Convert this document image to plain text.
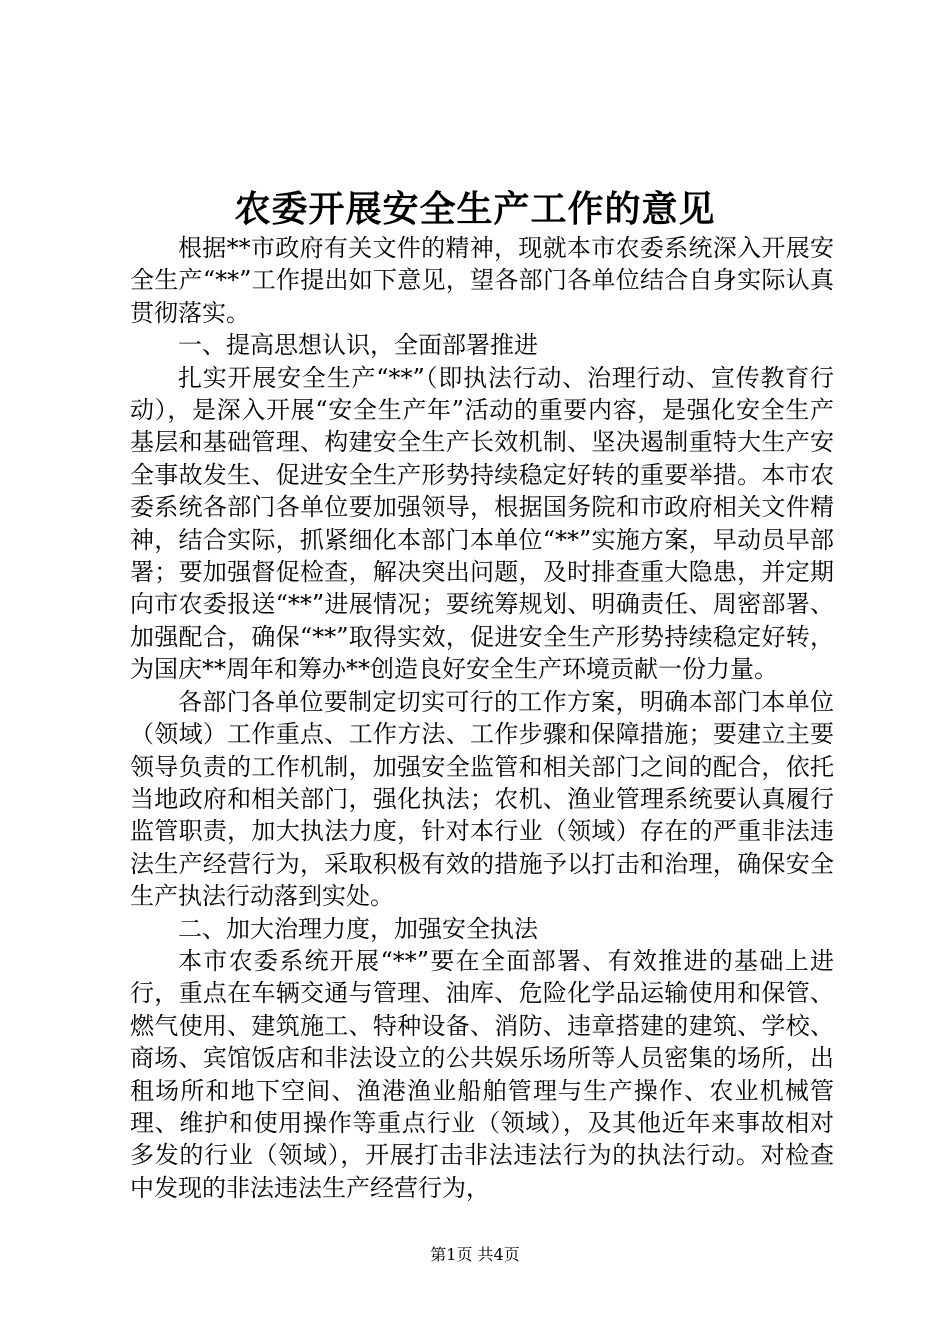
农委开展安全生产工作的意见

根据**市政府有关文件的精神，现就本市农委系统深入开展安全生产“**”工作提出如下意见，望各部门各单位结合自身实际认真贯彻落实。

一、提高思想认识，全面部署推进

扎实开展安全生产“**”（即执法行动、治理行动、宣传教育行动），是深入开展“安全生产年”活动的重要内容，是强化安全生产基层和基础管理、构建安全生产长效机制、坚决遏制重特大生产安全事故发生、促进安全生产形势持续稳定好转的重要举措。本市农委系统各部门各单位要加强领导，根据国务院和市政府相关文件精神，结合实际，抓紧细化本部门本单位“**”实施方案，早动员早部署；要加强督促检查，解决突出问题，及时排查重大隐患，并定期向市农委报送“**”进展情况；要统筹规划、明确责任、周密部署、加强配合，确保“**”取得实效，促进安全生产形势持续稳定好转，为国庆**周年和筹办**创造良好安全生产环境贡献一份力量。

各部门各单位要制定切实可行的工作方案，明确本部门本单位（领域）工作重点、工作方法、工作步骤和保障措施；要建立主要领导负责的工作机制，加强安全监管和相关部门之间的配合，依托当地政府和相关部门，强化执法；农机、渔业管理系统要认真履行监管职责，加大执法力度，针对本行业（领域）存在的严重非法违法生产经营行为，采取积极有效的措施予以打击和治理，确保安全生产执法行动落到实处。

二、加大治理力度，加强安全执法

本市农委系统开展“**”要在全面部署、有效推进的基础上进行，重点在车辆交通与管理、油库、危险化学品运输使用和保管、燃气使用、建筑施工、特种设备、消防、违章搭建的建筑、学校、商场、宾馆饭店和非法设立的公共娱乐场所等人员密集的场所，出租场所和地下空间、渔港渔业船舶管理与生产操作、农业机械管理、维护和使用操作等重点行业（领域），及其他近年来事故相对多发的行业（领域），开展打击非法违法行为的执法行动。对检查中发现的非法违法生产经营行为，

第1页 共4页
